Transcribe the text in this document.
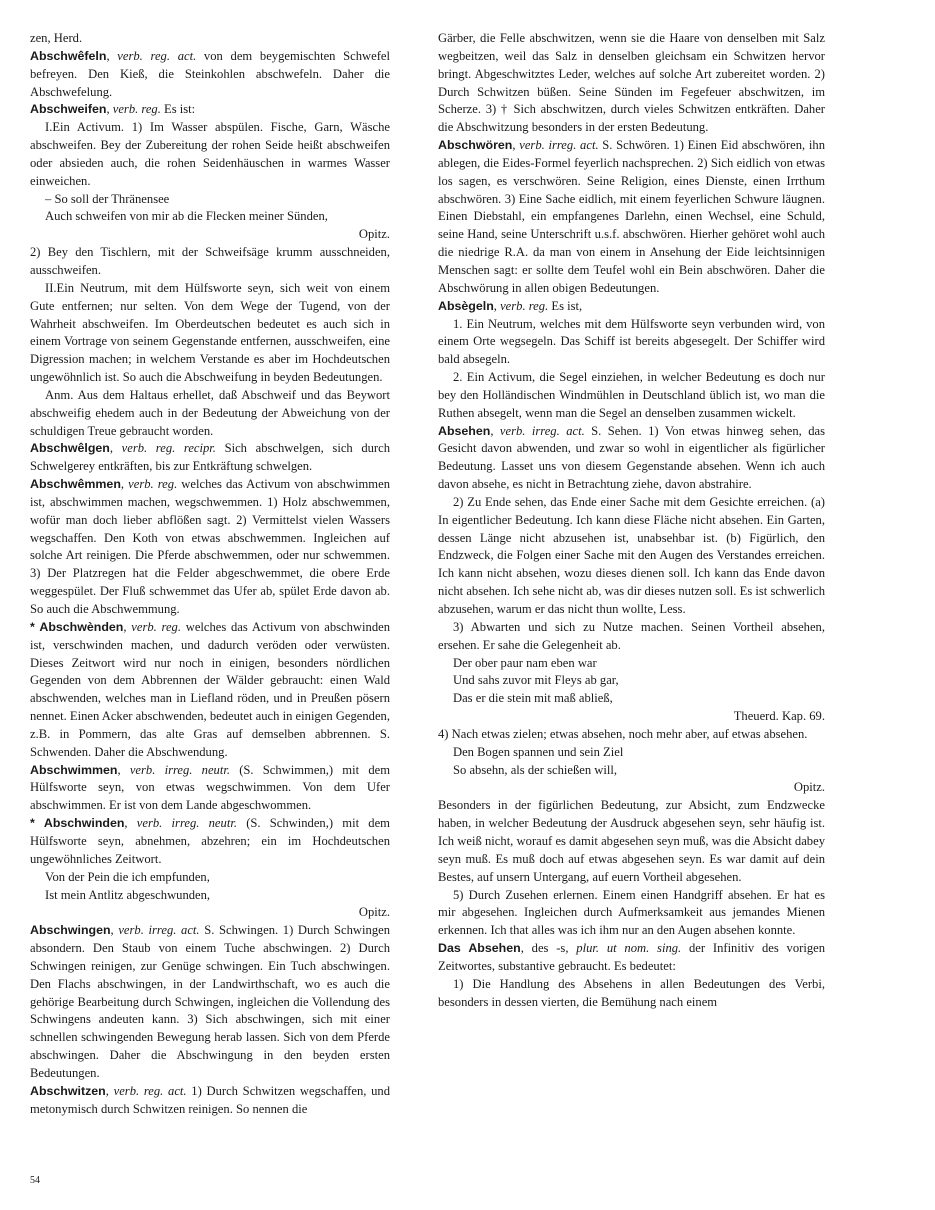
zen, Herd.

Abschwêfeln, verb. reg. act. von dem beygemischten Schwefel befreyen. Den Kieß, die Steinkohlen abschwefeln. Daher die Abschwefelung.

Abschweifen, verb. reg. Es ist:

I.Ein Activum. 1) Im Wasser abspülen. Fische, Garn, Wäsche abschweifen. Bey der Zubereitung der rohen Seide heißt abschweifen oder absieden auch, die rohen Seidenhäuschen in warmes Wasser einweichen.

– So soll der Thränensee

Auch schweifen von mir ab die Flecken meiner Sünden,

Opitz.

2) Bey den Tischlern, mit der Schweifsäge krumm ausschneiden, ausschweifen.

II.Ein Neutrum, mit dem Hülfsworte seyn, sich weit von einem Gute entfernen; nur selten. Von dem Wege der Tugend, von der Wahrheit abschweifen. Im Oberdeutschen bedeutet es auch sich in einem Vortrage von seinem Gegenstande entfernen, ausschweifen, eine Digression machen; in welchem Verstande es aber im Hochdeutschen ungewöhnlich ist. So auch die Abschweifung in beyden Bedeutungen.

Anm. Aus dem Haltaus erhellet, daß Abschweif und das Beywort abschweifig ehedem auch in der Bedeutung der Abweichung von der schuldigen Treue gebraucht worden.

Abschwêlgen, verb. reg. recipr. Sich abschwelgen, sich durch Schwelgerey entkräften, bis zur Entkräftung schwelgen.

Abschwêmmen, verb. reg. welches das Activum von abschwimmen ist, abschwimmen machen, wegschwemmen. 1) Holz abschwemmen, wofür man doch lieber abflößen sagt. 2) Vermittelst vielen Wassers wegschaffen. Den Koth von etwas abschwemmen. Ingleichen auf solche Art reinigen. Die Pferde abschwemmen, oder nur schwemmen. 3) Der Platzregen hat die Felder abgeschwemmet, die obere Erde weggespület. Der Fluß schwemmet das Ufer ab, spület Erde davon ab. So auch die Abschwemmung.

* Abschwènden, verb. reg. welches das Activum von abschwinden ist, verschwinden machen, und dadurch veröden oder verwüsten. Dieses Zeitwort wird nur noch in einigen, besonders nördlichen Gegenden von dem Abbrennen der Wälder gebraucht: einen Wald abschwenden, welches man in Liefland röden, und in Preußen pösern nennet. Einen Acker abschwenden, bedeutet auch in einigen Gegenden, z.B. in Pommern, das alte Gras auf demselben abbrennen. S. Schwenden. Daher die Abschwendung.

Abschwimmen, verb. irreg. neutr. (S. Schwimmen,) mit dem Hülfsworte seyn, von etwas wegschwimmen. Von dem Ufer abschwimmen. Er ist von dem Lande abgeschwommen.

* Abschwinden, verb. irreg. neutr. (S. Schwinden,) mit dem Hülfsworte seyn, abnehmen, abzehren; ein im Hochdeutschen ungewöhnliches Zeitwort.

Von der Pein die ich empfunden,

Ist mein Antlitz abgeschwunden,

Opitz.

Abschwingen, verb. irreg. act. S. Schwingen. 1) Durch Schwingen absondern. Den Staub von einem Tuche abschwingen. 2) Durch Schwingen reinigen, zur Genüge schwingen. Ein Tuch abschwingen. Den Flachs abschwingen, in der Landwirthschaft, wo es auch die gehörige Bearbeitung durch Schwingen, ingleichen die Vollendung des Schwingens andeuten kann. 3) Sich abschwingen, sich mit einer schnellen schwingenden Bewegung herab lassen. Sich von dem Pferde abschwingen. Daher die Abschwingung in den beyden ersten Bedeutungen.

Abschwitzen, verb. reg. act. 1) Durch Schwitzen wegschaffen, und metonymisch durch Schwitzen reinigen. So nennen die

Gärber, die Felle abschwitzen, wenn sie die Haare von denselben mit Salz wegbeitzen, weil das Salz in denselben gleichsam ein Schwitzen hervor bringt. Abgeschwitztes Leder, welches auf solche Art zubereitet worden. 2) Durch Schwitzen büßen. Seine Sünden im Fegefeuer abschwitzen, im Scherze. 3) † Sich abschwitzen, durch vieles Schwitzen entkräften. Daher die Abschwitzung besonders in der ersten Bedeutung.

Abschwören, verb. irreg. act. S. Schwören. 1) Einen Eid abschwören, ihn ablegen, die Eides-Formel feyerlich nachsprechen. 2) Sich eidlich von etwas los sagen, es verschwören. Seine Religion, eines Dienste, einen Irrthum abschwören. 3) Eine Sache eidlich, mit einem feyerlichen Schwure läugnen. Einen Diebstahl, ein empfangenes Darlehn, einen Wechsel, eine Schuld, seine Hand, seine Unterschrift u.s.f. abschwören. Hierher gehöret wohl auch die niedrige R.A. da man von einem in Ansehung der Eide leichtsinnigen Menschen sagt: er sollte dem Teufel wohl ein Bein abschwören. Daher die Abschwörung in allen obigen Bedeutungen.

Absègeln, verb. reg. Es ist,

1. Ein Neutrum, welches mit dem Hülfsworte seyn verbunden wird, von einem Orte wegsegeln. Das Schiff ist bereits abgesegelt. Der Schiffer wird bald absegeln.

2. Ein Activum, die Segel einziehen, in welcher Bedeutung es doch nur bey den Holländischen Windmühlen in Deutschland üblich ist, wo man die Ruthen absegelt, wenn man die Segel an denselben zusammen wickelt.

Absehen, verb. irreg. act. S. Sehen. 1) Von etwas hinweg sehen, das Gesicht davon abwenden, und zwar so wohl in eigentlicher als figürlicher Bedeutung. Lasset uns von diesem Gegenstande absehen. Wenn ich auch davon absehe, es nicht in Betrachtung ziehe, davon abstrahire.

2) Zu Ende sehen, das Ende einer Sache mit dem Gesichte erreichen. (a) In eigentlicher Bedeutung. Ich kann diese Fläche nicht absehen. Ein Garten, dessen Länge nicht abzusehen ist, unabsehbar ist. (b) Figürlich, den Endzweck, die Folgen einer Sache mit den Augen des Verstandes erreichen. Ich kann nicht absehen, wozu dieses dienen soll. Ich kann das Ende davon nicht absehen. Ich sehe nicht ab, was dir dieses nutzen soll. Es ist schwerlich abzusehen, warum er das nicht thun wollte, Less.

3) Abwarten und sich zu Nutze machen. Seinen Vortheil absehen, ersehen. Er sahe die Gelegenheit ab.

Der ober paur nam eben war

Und sahs zuvor mit Fleys ab gar,

Das er die stein mit maß abließ,

Theuerd. Kap. 69.

4) Nach etwas zielen; etwas absehen, noch mehr aber, auf etwas absehen.

Den Bogen spannen und sein Ziel

So absehn, als der schießen will,

Opitz.

Besonders in der figürlichen Bedeutung, zur Absicht, zum Endzwecke haben, in welcher Bedeutung der Ausdruck abgesehen seyn, sehr häufig ist. Ich weiß nicht, worauf es damit abgesehen seyn muß, was die Absicht dabey seyn muß. Es muß doch auf etwas abgesehen seyn. Es war damit auf dein Bestes, auf unsern Untergang, auf euern Vortheil abgesehen.

5) Durch Zusehen erlernen. Einem einen Handgriff absehen. Er hat es mir abgesehen. Ingleichen durch Aufmerksamkeit aus jemandes Mienen erkennen. Ich that alles was ich ihm nur an den Augen absehen konnte.

Das Absehen, des -s, plur. ut nom. sing. der Infinitiv des vorigen Zeitwortes, substantive gebraucht. Es bedeutet:

1) Die Handlung des Absehens in allen Bedeutungen des Verbi, besonders in dessen vierten, die Bemühung nach einem

54
